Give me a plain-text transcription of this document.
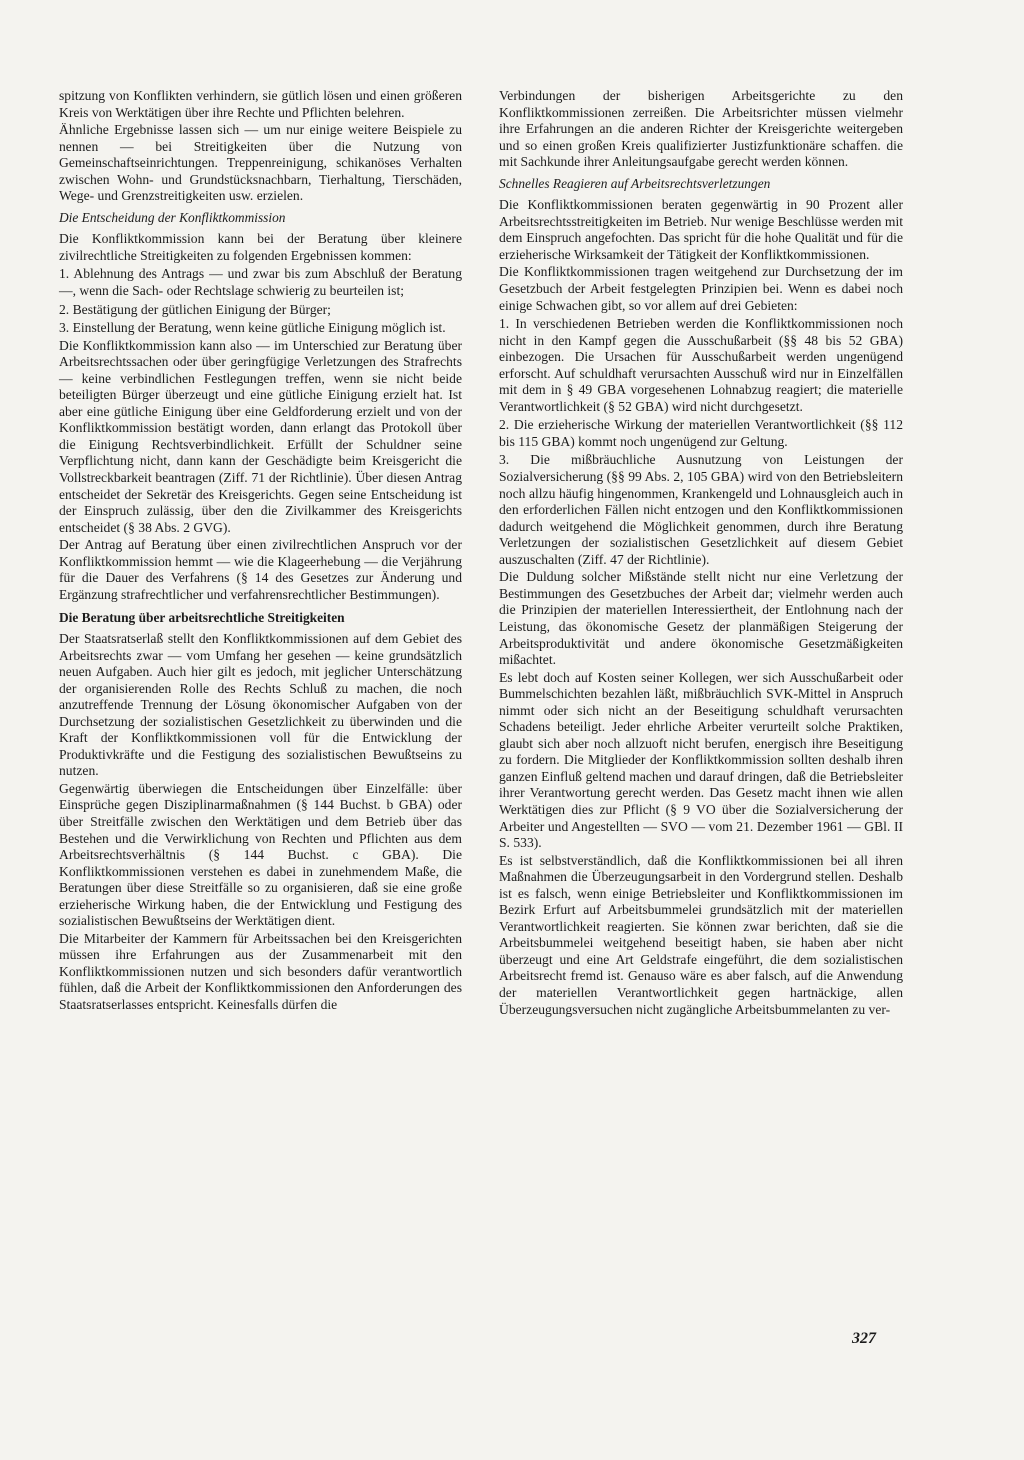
spitzung von Konflikten verhindern, sie gütlich lösen und einen größeren Kreis von Werktätigen über ihre Rechte und Pflichten belehren.

Ähnliche Ergebnisse lassen sich — um nur einige weitere Beispiele zu nennen — bei Streitigkeiten über die Nutzung von Gemeinschaftseinrichtungen. Treppenreinigung, schikanöses Verhalten zwischen Wohn- und Grundstücksnachbarn, Tierhaltung, Tierschäden, Wege- und Grenzstreitigkeiten usw. erzielen.

Die Entscheidung der Konfliktkommission

Die Konfliktkommission kann bei der Beratung über kleinere zivilrechtliche Streitigkeiten zu folgenden Ergebnissen kommen:

1. Ablehnung des Antrags — und zwar bis zum Abschluß der Beratung —, wenn die Sach- oder Rechtslage schwierig zu beurteilen ist;

2. Bestätigung der gütlichen Einigung der Bürger;

3. Einstellung der Beratung, wenn keine gütliche Einigung möglich ist.

Die Konfliktkommission kann also — im Unterschied zur Beratung über Arbeitsrechtssachen oder über geringfügige Verletzungen des Strafrechts — keine verbindlichen Festlegungen treffen, wenn sie nicht beide beteiligten Bürger überzeugt und eine gütliche Einigung erzielt hat. Ist aber eine gütliche Einigung über eine Geldforderung erzielt und von der Konfliktkommission bestätigt worden, dann erlangt das Protokoll über die Einigung Rechtsverbindlichkeit. Erfüllt der Schuldner seine Verpflichtung nicht, dann kann der Geschädigte beim Kreisgericht die Vollstreckbarkeit beantragen (Ziff. 71 der Richtlinie). Über diesen Antrag entscheidet der Sekretär des Kreisgerichts. Gegen seine Entscheidung ist der Einspruch zulässig, über den die Zivilkammer des Kreisgerichts entscheidet (§ 38 Abs. 2 GVG).

Der Antrag auf Beratung über einen zivilrechtlichen Anspruch vor der Konfliktkommission hemmt — wie die Klageerhebung — die Verjährung für die Dauer des Verfahrens (§ 14 des Gesetzes zur Änderung und Ergänzung strafrechtlicher und verfahrensrechtlicher Bestimmungen).

Die Beratung über arbeitsrechtliche Streitigkeiten

Der Staatsratserlaß stellt den Konfliktkommissionen auf dem Gebiet des Arbeitsrechts zwar — vom Umfang her gesehen — keine grundsätzlich neuen Aufgaben. Auch hier gilt es jedoch, mit jeglicher Unterschätzung der organisierenden Rolle des Rechts Schluß zu machen, die noch anzutreffende Trennung der Lösung ökonomischer Aufgaben von der Durchsetzung der sozialistischen Gesetzlichkeit zu überwinden und die Kraft der Konfliktkommissionen voll für die Entwicklung der Produktivkräfte und die Festigung des sozialistischen Bewußtseins zu nutzen.

Gegenwärtig überwiegen die Entscheidungen über Einzelfälle: über Einsprüche gegen Disziplinarmaßnahmen (§ 144 Buchst. b GBA) oder über Streitfälle zwischen den Werktätigen und dem Betrieb über das Bestehen und die Verwirklichung von Rechten und Pflichten aus dem Arbeitsrechtsverhältnis (§ 144 Buchst. c GBA). Die Konfliktkommissionen verstehen es dabei in zunehmendem Maße, die Beratungen über diese Streitfälle so zu organisieren, daß sie eine große erzieherische Wirkung haben, die der Entwicklung und Festigung des sozialistischen Bewußtseins der Werktätigen dient.

Die Mitarbeiter der Kammern für Arbeitssachen bei den Kreisgerichten müssen ihre Erfahrungen aus der Zusammenarbeit mit den Konfliktkommissionen nutzen und sich besonders dafür verantwortlich fühlen, daß die Arbeit der Konfliktkommissionen den Anforderungen des Staatsratserlasses entspricht. Keinesfalls dürfen die

Verbindungen der bisherigen Arbeitsgerichte zu den Konfliktkommissionen zerreißen. Die Arbeitsrichter müssen vielmehr ihre Erfahrungen an die anderen Richter der Kreisgerichte weitergeben und so einen großen Kreis qualifizierter Justizfunktionäre schaffen. die mit Sachkunde ihrer Anleitungsaufgabe gerecht werden können.

Schnelles Reagieren auf Arbeitsrechtsverletzungen

Die Konfliktkommissionen beraten gegenwärtig in 90 Prozent aller Arbeitsrechtsstreitigkeiten im Betrieb. Nur wenige Beschlüsse werden mit dem Einspruch angefochten. Das spricht für die hohe Qualität und für die erzieherische Wirksamkeit der Tätigkeit der Konfliktkommissionen.

Die Konfliktkommissionen tragen weitgehend zur Durchsetzung der im Gesetzbuch der Arbeit festgelegten Prinzipien bei. Wenn es dabei noch einige Schwachen gibt, so vor allem auf drei Gebieten:

1. In verschiedenen Betrieben werden die Konfliktkommissionen noch nicht in den Kampf gegen die Ausschußarbeit (§§ 48 bis 52 GBA) einbezogen. Die Ursachen für Ausschußarbeit werden ungenügend erforscht. Auf schuldhaft verursachten Ausschuß wird nur in Einzelfällen mit dem in § 49 GBA vorgesehenen Lohnabzug reagiert; die materielle Verantwortlichkeit (§ 52 GBA) wird nicht durchgesetzt.

2. Die erzieherische Wirkung der materiellen Verantwortlichkeit (§§ 112 bis 115 GBA) kommt noch ungenügend zur Geltung.

3. Die mißbräuchliche Ausnutzung von Leistungen der Sozialversicherung (§§ 99 Abs. 2, 105 GBA) wird von den Betriebsleitern noch allzu häufig hingenommen, Krankengeld und Lohnausgleich auch in den erforderlichen Fällen nicht entzogen und den Konfliktkommissionen dadurch weitgehend die Möglichkeit genommen, durch ihre Beratung Verletzungen der sozialistischen Gesetzlichkeit auf diesem Gebiet auszuschalten (Ziff. 47 der Richtlinie).

Die Duldung solcher Mißstände stellt nicht nur eine Verletzung der Bestimmungen des Gesetzbuches der Arbeit dar; vielmehr werden auch die Prinzipien der materiellen Interessiertheit, der Entlohnung nach der Leistung, das ökonomische Gesetz der planmäßigen Steigerung der Arbeitsproduktivität und andere ökonomische Gesetzmäßigkeiten mißachtet.

Es lebt doch auf Kosten seiner Kollegen, wer sich Ausschußarbeit oder Bummelschichten bezahlen läßt, mißbräuchlich SVK-Mittel in Anspruch nimmt oder sich nicht an der Beseitigung schuldhaft verursachten Schadens beteiligt. Jeder ehrliche Arbeiter verurteilt solche Praktiken, glaubt sich aber noch allzuoft nicht berufen, energisch ihre Beseitigung zu fordern. Die Mitglieder der Konfliktkommission sollten deshalb ihren ganzen Einfluß geltend machen und darauf dringen, daß die Betriebsleiter ihrer Verantwortung gerecht werden. Das Gesetz macht ihnen wie allen Werktätigen dies zur Pflicht (§ 9 VO über die Sozialversicherung der Arbeiter und Angestellten — SVO — vom 21. Dezember 1961 — GBl. II S. 533).

Es ist selbstverständlich, daß die Konfliktkommissionen bei all ihren Maßnahmen die Überzeugungsarbeit in den Vordergrund stellen. Deshalb ist es falsch, wenn einige Betriebsleiter und Konfliktkommissionen im Bezirk Erfurt auf Arbeitsbummelei grundsätzlich mit der materiellen Verantwortlichkeit reagierten. Sie können zwar berichten, daß sie die Arbeitsbummelei weitgehend beseitigt haben, sie haben aber nicht überzeugt und eine Art Geldstrafe eingeführt, die dem sozialistischen Arbeitsrecht fremd ist. Genauso wäre es aber falsch, auf die Anwendung der materiellen Verantwortlichkeit gegen hartnäckige, allen Überzeugungsversuchen nicht zugängliche Arbeitsbummelanten zu ver-

327
